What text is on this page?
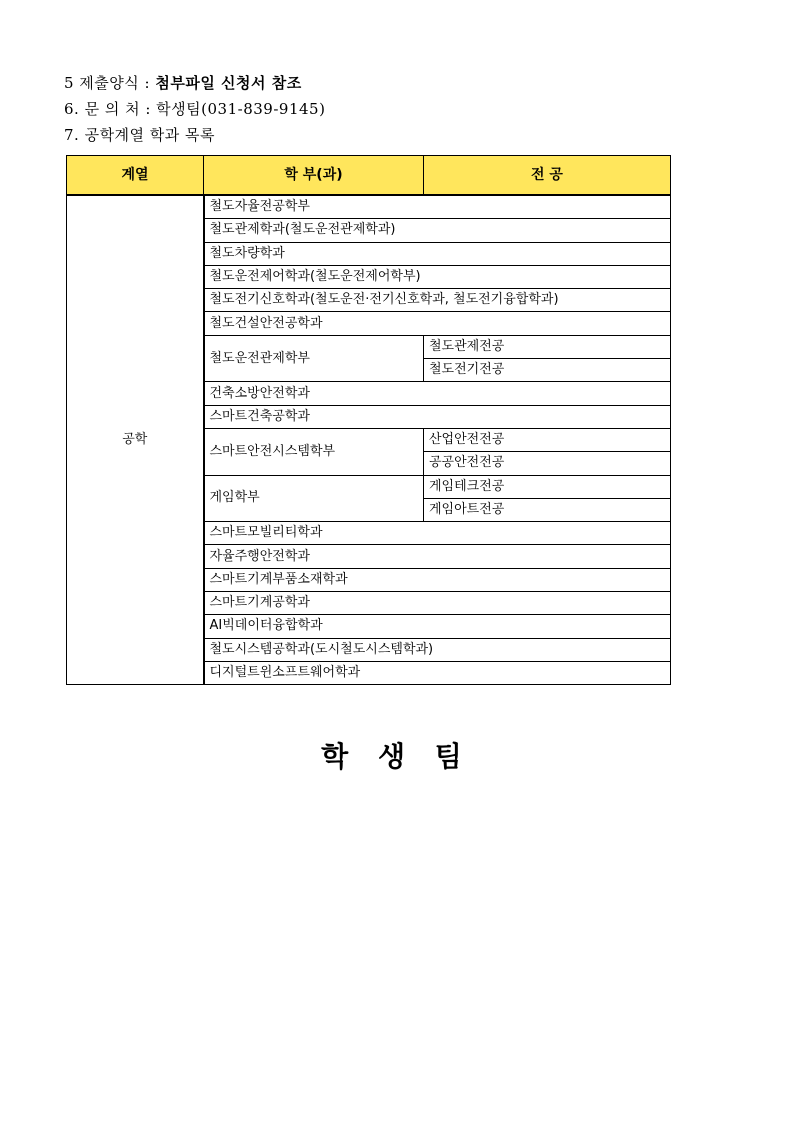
5 제출양식 : 첨부파일 신청서 참조
6. 문 의 처 : 학생팀(031-839-9145)
7. 공학계열 학과 목록
계열	학 부(과)	전 공
공학	철도자율전공학부	
	철도관제학과(철도운전관제학과)	
	철도차량학과	
	철도운전제어학과(철도운전제어학부)	
	철도전기신호학과(철도운전·전기신호학과, 철도전기융합학과)	
	철도건설안전공학과	
	철도운전관제학부	철도관제전공
		철도전기전공
	건축소방안전학과	
	스마트건축공학과	
	스마트안전시스템학부	산업안전전공
		공공안전전공
	게임학부	게임테크전공
		게임아트전공
	스마트모빌리티학과	
	자율주행안전학과	
	스마트기계부품소재학과	
	스마트기계공학과	
	AI빅데이터융합학과	
	철도시스템공학과(도시철도시스템학과)	
	디지털트윈소프트웨어학과	
학 생 팀
